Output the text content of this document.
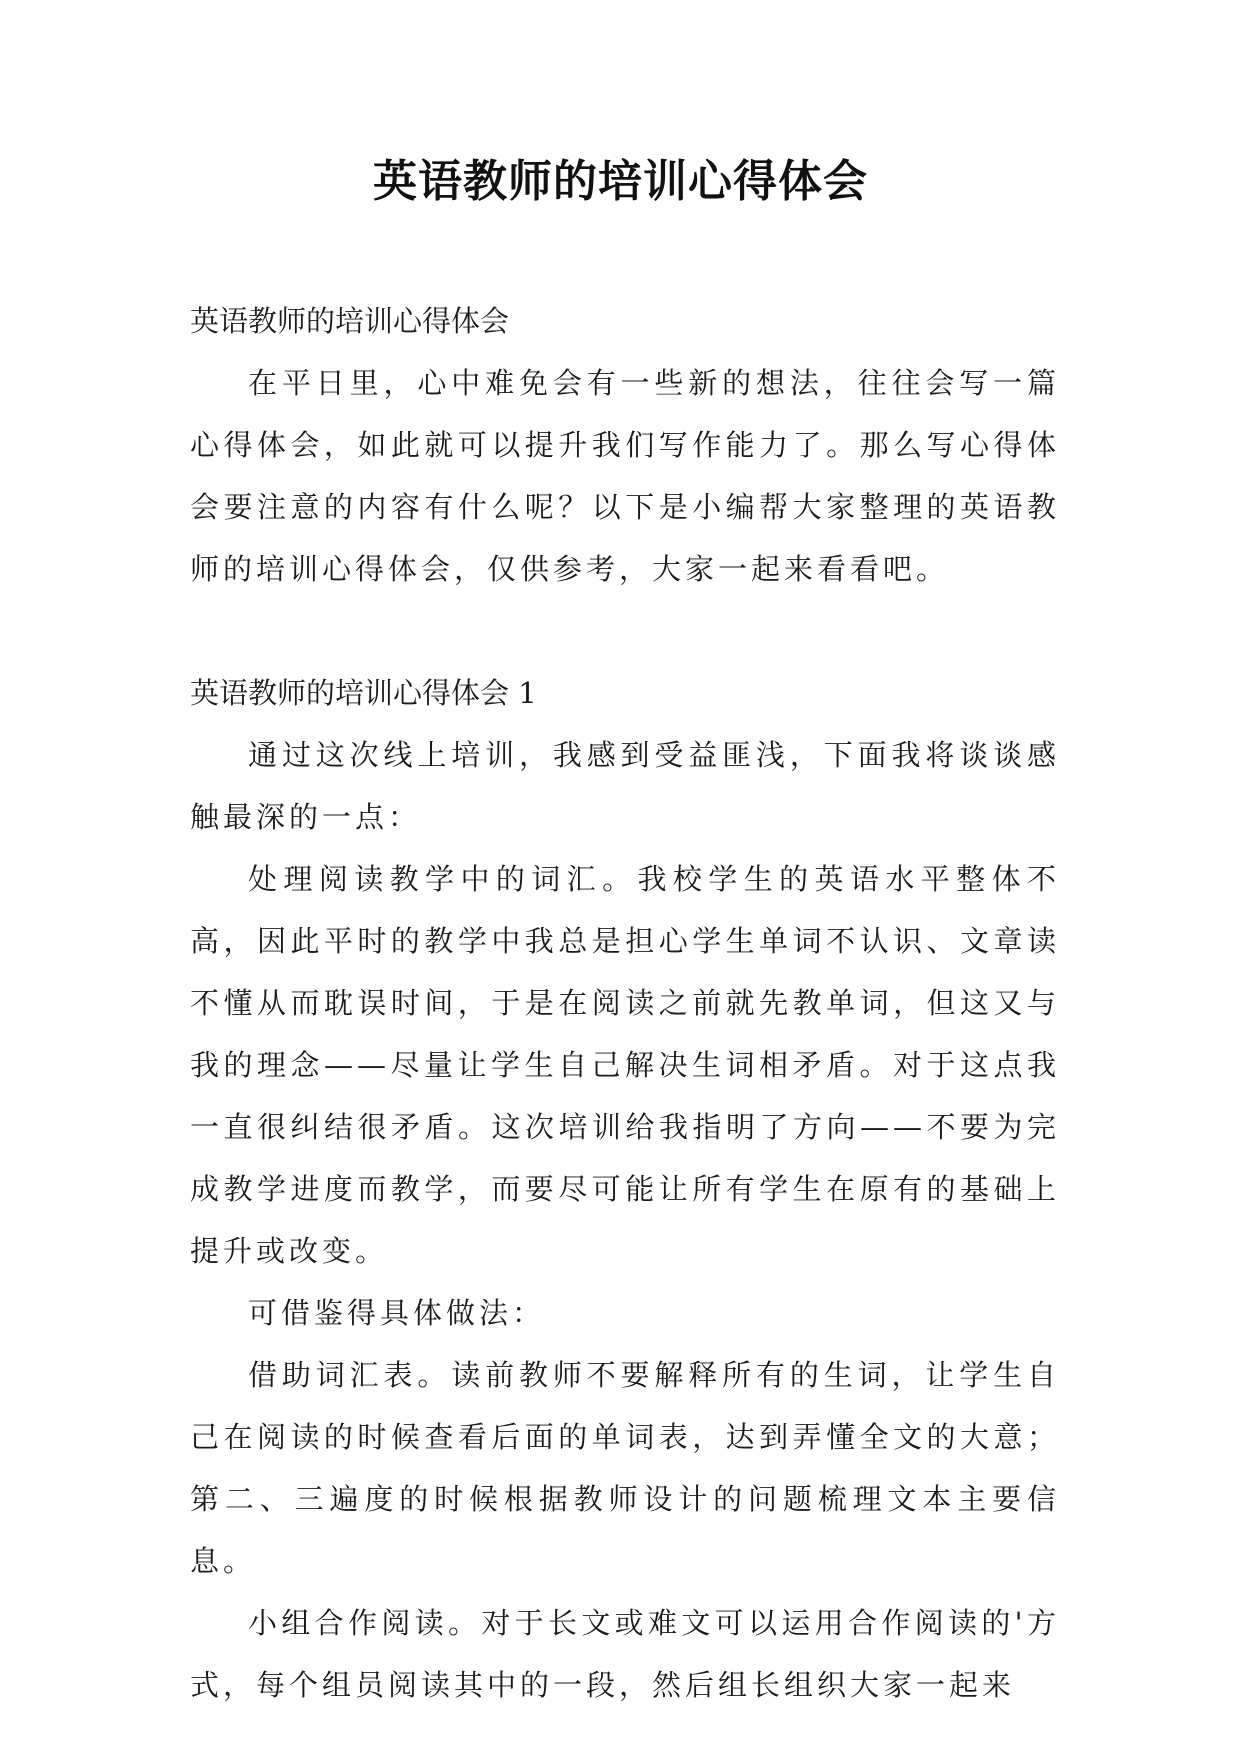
英语教师的培训心得体会

英语教师的培训心得体会

在平日里，心中难免会有一些新的想法，往往会写一篇心得体会，如此就可以提升我们写作能力了。那么写心得体会要注意的内容有什么呢？以下是小编帮大家整理的英语教师的培训心得体会，仅供参考，大家一起来看看吧。

英语教师的培训心得体会 1

通过这次线上培训，我感到受益匪浅，下面我将谈谈感触最深的一点：

处理阅读教学中的词汇。我校学生的英语水平整体不高，因此平时的教学中我总是担心学生单词不认识、文章读不懂从而耽误时间，于是在阅读之前就先教单词，但这又与我的理念——尽量让学生自己解决生词相矛盾。对于这点我一直很纠结很矛盾。这次培训给我指明了方向——不要为完成教学进度而教学，而要尽可能让所有学生在原有的基础上提升或改变。

可借鉴得具体做法：

借助词汇表。读前教师不要解释所有的生词，让学生自己在阅读的时候查看后面的单词表，达到弄懂全文的大意；第二、三遍度的时候根据教师设计的问题梳理文本主要信息。

小组合作阅读。对于长文或难文可以运用合作阅读的'方式，每个组员阅读其中的一段，然后组长组织大家一起来
